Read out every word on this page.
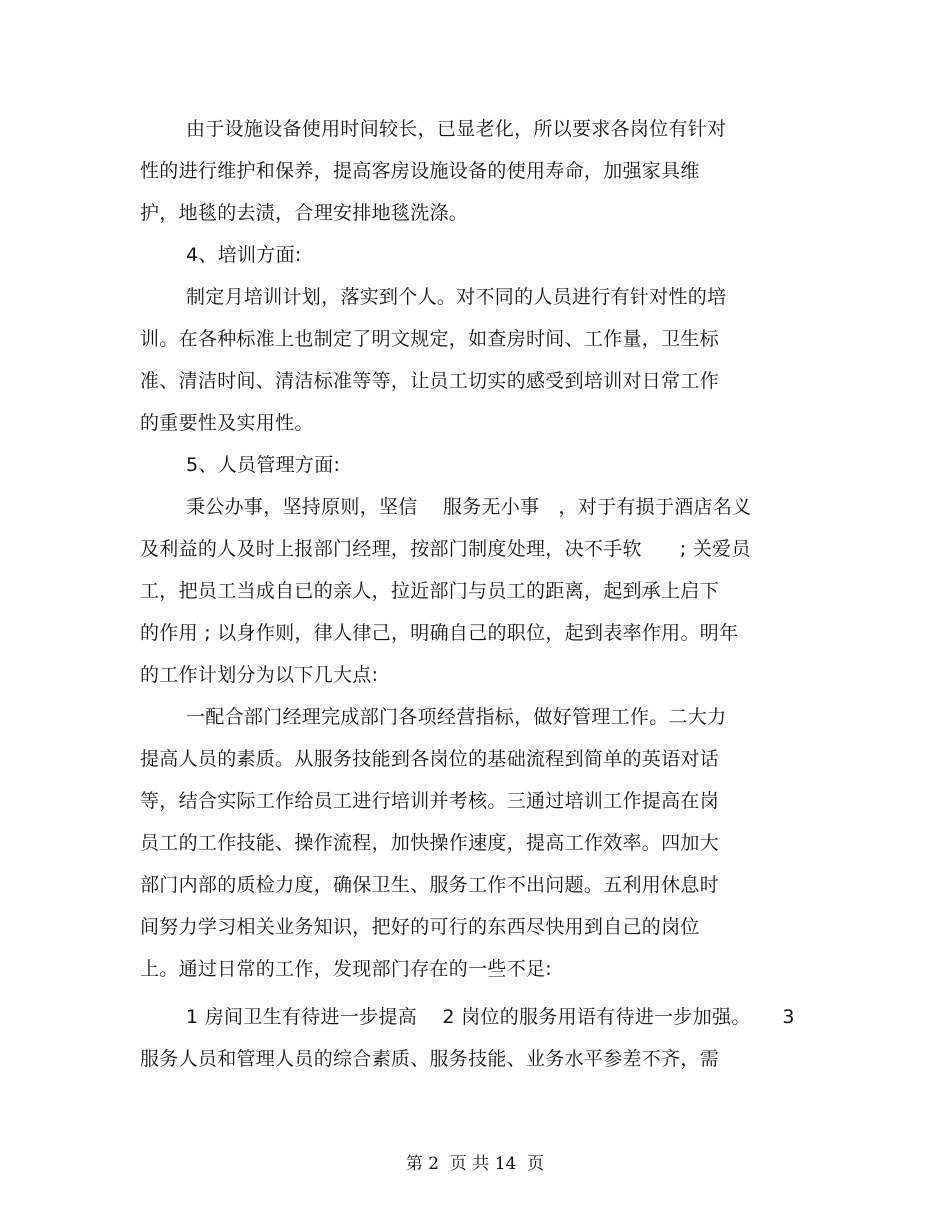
由于设施设备使用时间较长，已显老化，所以要求各岗位有针对
性的进行维护和保养，提高客房设施设备的使用寿命，加强家具维
护，地毯的去渍，合理安排地毯洗涤。
4、培训方面:
制定月培训计划，落实到个人。对不同的人员进行有针对性的培
训。在各种标准上也制定了明文规定，如查房时间、工作量，卫生标
准、清洁时间、清洁标准等等，让员工切实的感受到培训对日常工作
的重要性及实用性。
5、人员管理方面:
秉公办事，坚持原则，坚信    服务无小事   ，对于有损于酒店名义
及利益的人及时上报部门经理，按部门制度处理，决不手软      ; 关爱员
工，把员工当成自已的亲人，拉近部门与员工的距离，起到承上启下
的作用 ; 以身作则，律人律己，明确自己的职位，起到表率作用。明年
的工作计划分为以下几大点:
一配合部门经理完成部门各项经营指标，做好管理工作。二大力
提高人员的素质。从服务技能到各岗位的基础流程到简单的英语对话
等，结合实际工作给员工进行培训并考核。三通过培训工作提高在岗
员工的工作技能、操作流程，加快操作速度，提高工作效率。四加大
部门内部的质检力度，确保卫生、服务工作不出问题。五利用休息时
间努力学习相关业务知识，把好的可行的东西尽快用到自己的岗位
上。通过日常的工作，发现部门存在的一些不足:
1 房间卫生有待进一步提高    2 岗位的服务用语有待进一步加强。     3
服务人员和管理人员的综合素质、服务技能、业务水平参差不齐，需
第 2  页 共 14  页
